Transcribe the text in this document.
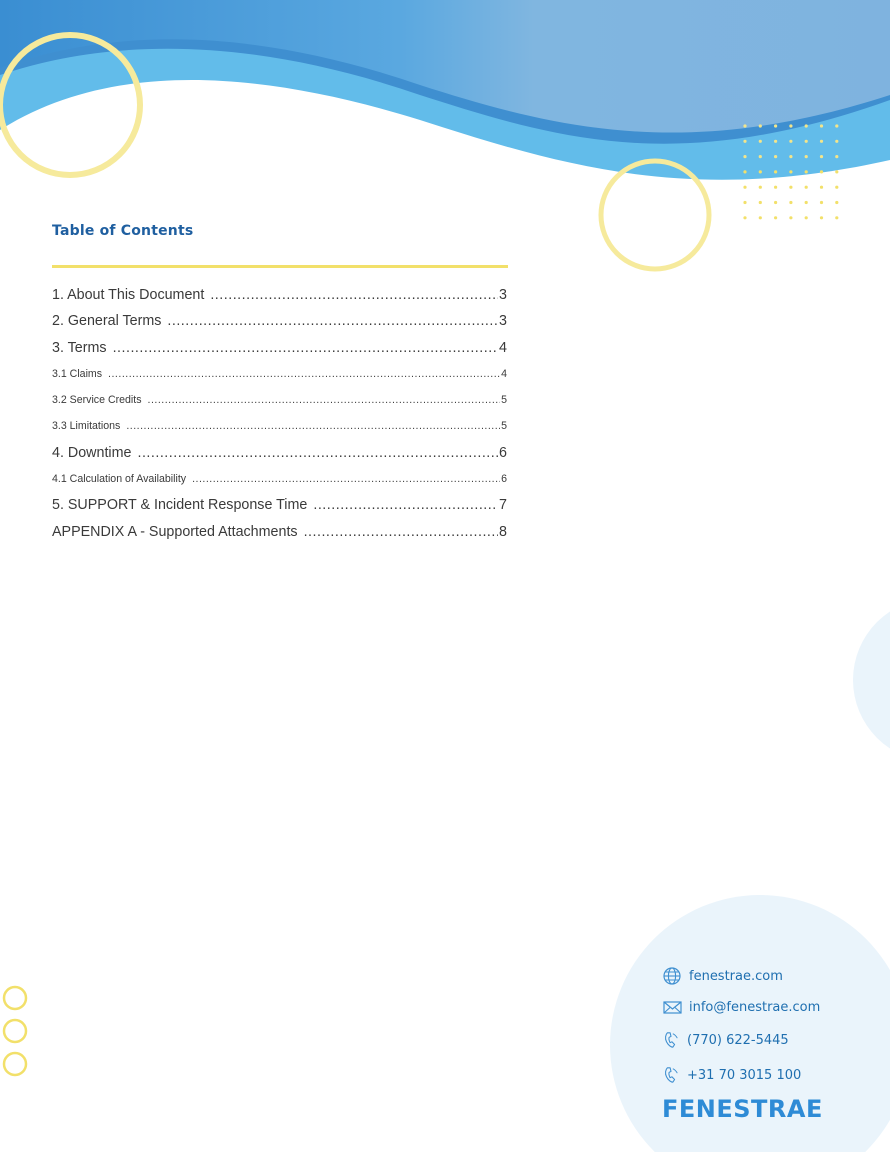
Table of Contents
1. About This Document .....	3
2. General Terms .....	3
3. Terms .....	4
3.1 Claims .....	4
3.2 Service Credits .....	5
3.3 Limitations .....	5
4. Downtime .....	6
4.1 Calculation of Availability .....	6
5. SUPPORT & Incident Response Time .....	7
APPENDIX A - Supported Attachments .....	8
fenestrae.com
info@fenestrae.com
(770) 622-5445
+31 70 3015 100
FENESTRAE
